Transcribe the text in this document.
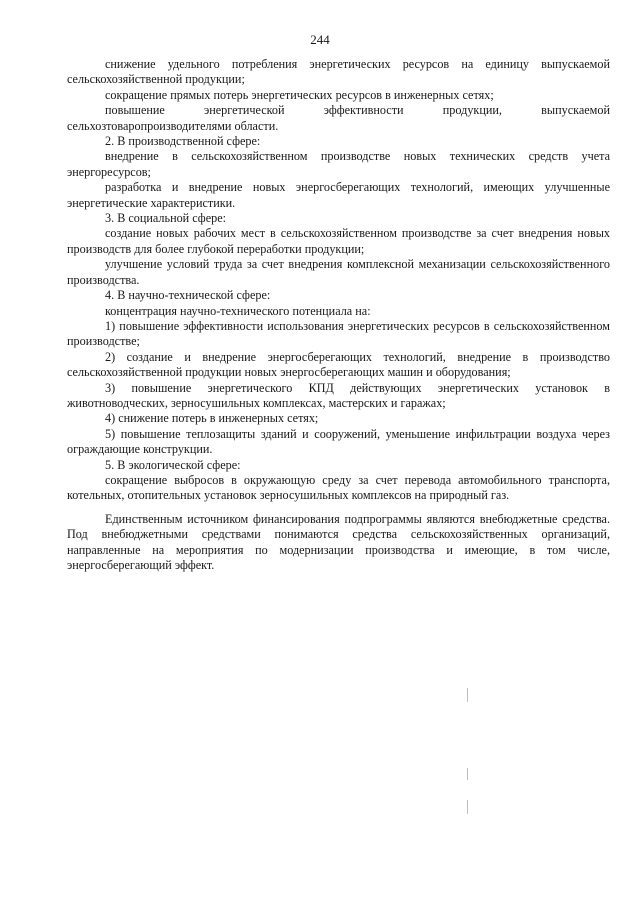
244

снижение удельного потребления энергетических ресурсов на единицу выпускаемой сельскохозяйственной продукции;

сокращение прямых потерь энергетических ресурсов в инженерных сетях;

повышение энергетической эффективности продукции, выпускаемой сельхозтоваропроизводителями области.

2. В производственной сфере:

внедрение в сельскохозяйственном производстве новых технических средств учета энергоресурсов;

разработка и внедрение новых энергосберегающих технологий, имеющих улучшенные энергетические характеристики.

3. В социальной сфере:

создание новых рабочих мест в сельскохозяйственном производстве за счет внедрения новых производств для более глубокой переработки продукции;

улучшение условий труда за счет внедрения комплексной механизации сельскохозяйственного производства.

4. В научно-технической сфере:

концентрация научно-технического потенциала на:

1) повышение эффективности использования энергетических ресурсов в сельскохозяйственном производстве;

2) создание и внедрение энергосберегающих технологий, внедрение в производство сельскохозяйственной продукции новых энергосберегающих машин и оборудования;

3) повышение энергетического КПД действующих энергетических установок в животноводческих, зерносушильных комплексах, мастерских и гаражах;

4) снижение потерь в инженерных сетях;

5) повышение теплозащиты зданий и сооружений, уменьшение инфильтрации воздуха через ограждающие конструкции.

5. В экологической сфере:

сокращение выбросов в окружающую среду за счет перевода автомобильного транспорта, котельных, отопительных установок зерносушильных комплексов на природный газ.

Единственным источником финансирования подпрограммы являются внебюджетные средства. Под внебюджетными средствами понимаются средства сельскохозяйственных организаций, направленные на мероприятия по модернизации производства и имеющие, в том числе, энергосберегающий эффект.
